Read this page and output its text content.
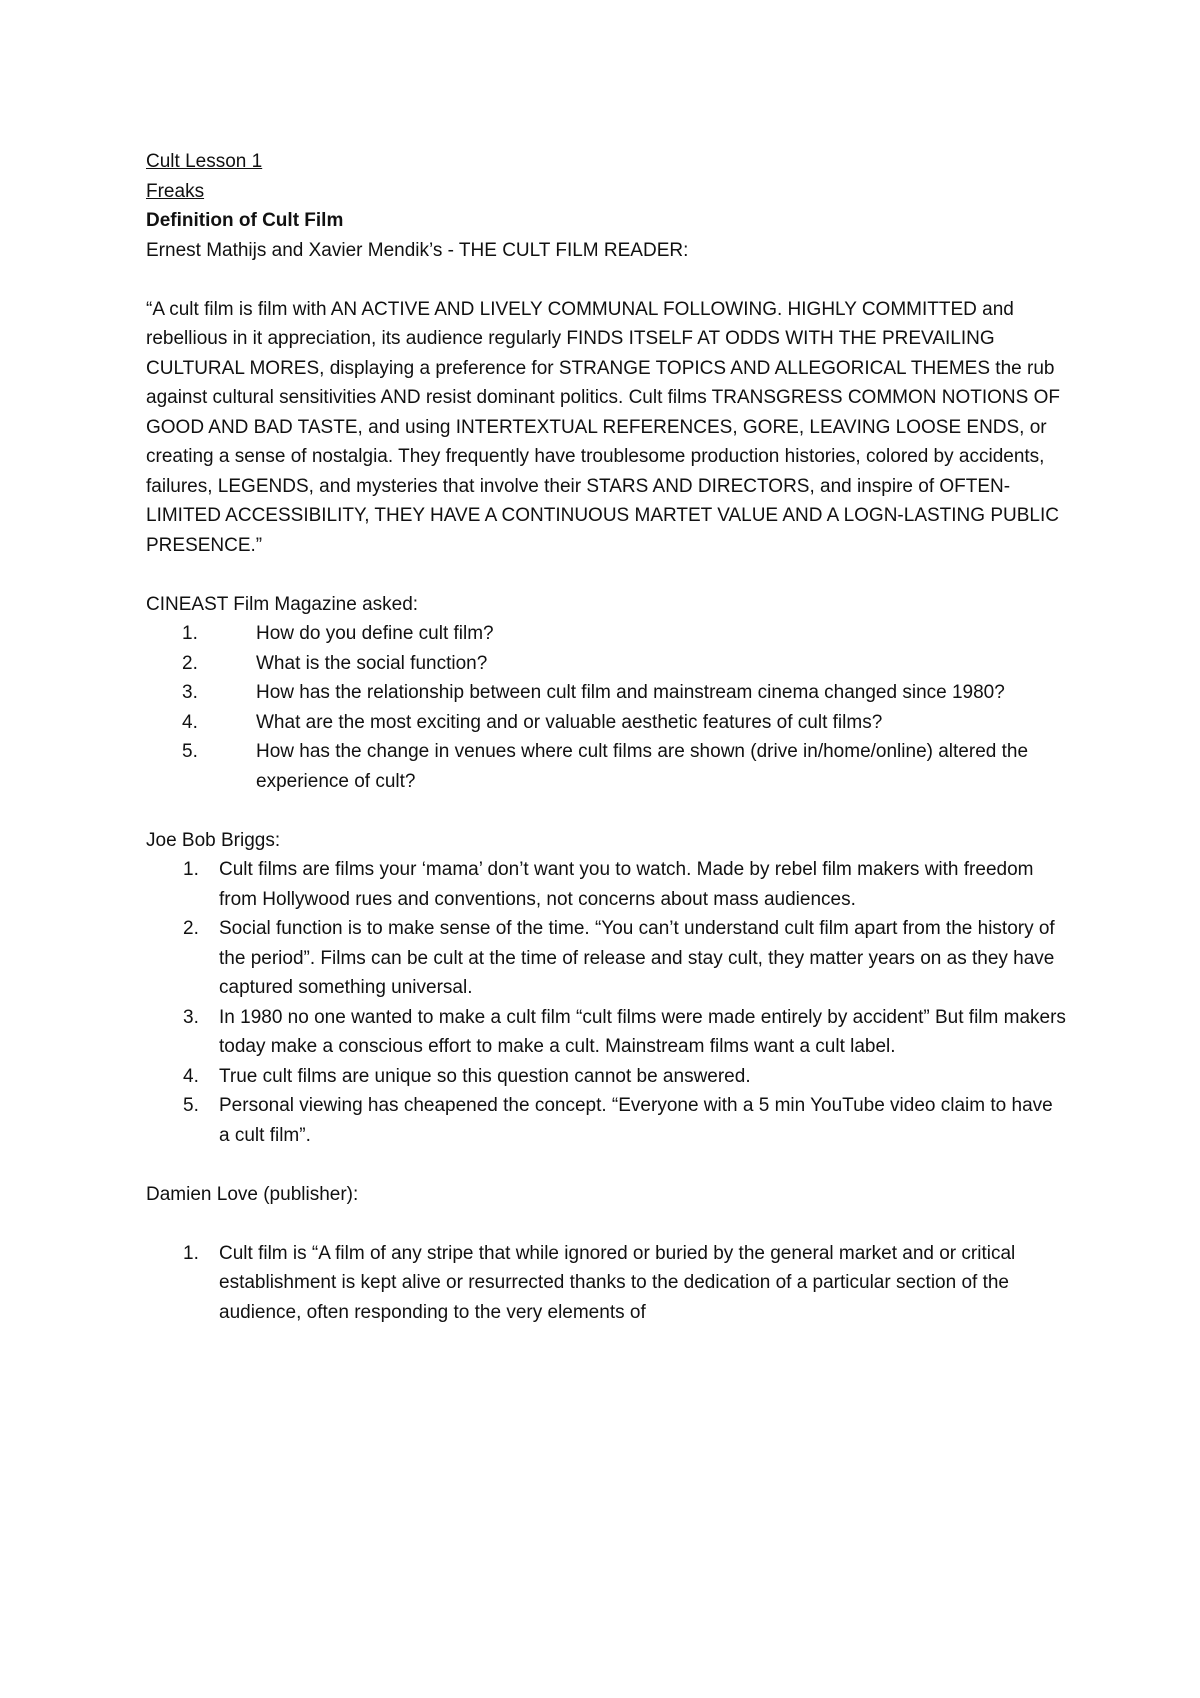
Cult Lesson 1

Freaks

Definition of Cult Film

Ernest Mathijs and Xavier Mendik’s - THE CULT FILM READER:

“A cult film is film with AN ACTIVE AND LIVELY COMMUNAL FOLLOWING. HIGHLY COMMITTED and rebellious in it appreciation, its audience regularly FINDS ITSELF AT ODDS WITH THE PREVAILING CULTURAL MORES, displaying a preference for STRANGE TOPICS AND ALLEGORICAL THEMES the rub against cultural sensitivities AND resist dominant politics. Cult films TRANSGRESS COMMON NOTIONS OF GOOD AND BAD TASTE, and using INTERTEXTUAL REFERENCES, GORE, LEAVING LOOSE ENDS, or creating a sense of nostalgia. They frequently have troublesome production histories, colored by accidents, failures, LEGENDS, and mysteries that involve their STARS AND DIRECTORS, and inspire of OFTEN-LIMITED ACCESSIBILITY, THEY HAVE A CONTINUOUS MARTET VALUE AND A LOGN-LASTING PUBLIC PRESENCE.”

CINEAST Film Magazine asked:

1.	How do you define cult film?
2.	What is the social function?
3.	How has the relationship between cult film and mainstream cinema changed since 1980?
4.	What are the most exciting and or valuable aesthetic features of cult films?
5.	How has the change in venues where cult films are shown (drive in/home/online) altered the experience of cult?

Joe Bob Briggs:

1. Cult films are films your ‘mama’ don’t want you to watch. Made by rebel film makers with freedom from Hollywood rues and conventions, not concerns about mass audiences.
2. Social function is to make sense of the time. “You can’t understand cult film apart from the history of the period”. Films can be cult at the time of release and stay cult, they matter years on as they have captured something universal.
3. In 1980 no one wanted to make a cult film “cult films were made entirely by accident” But film makers today make a conscious effort to make a cult. Mainstream films want a cult label.
4. True cult films are unique so this question cannot be answered.
5. Personal viewing has cheapened the concept. “Everyone with a 5 min YouTube video claim to have a cult film”.

Damien Love (publisher):

1. Cult film is “A film of any stripe that while ignored or buried by the general market and or critical establishment is kept alive or resurrected thanks to the dedication of a particular section of the audience, often responding to the very elements of
